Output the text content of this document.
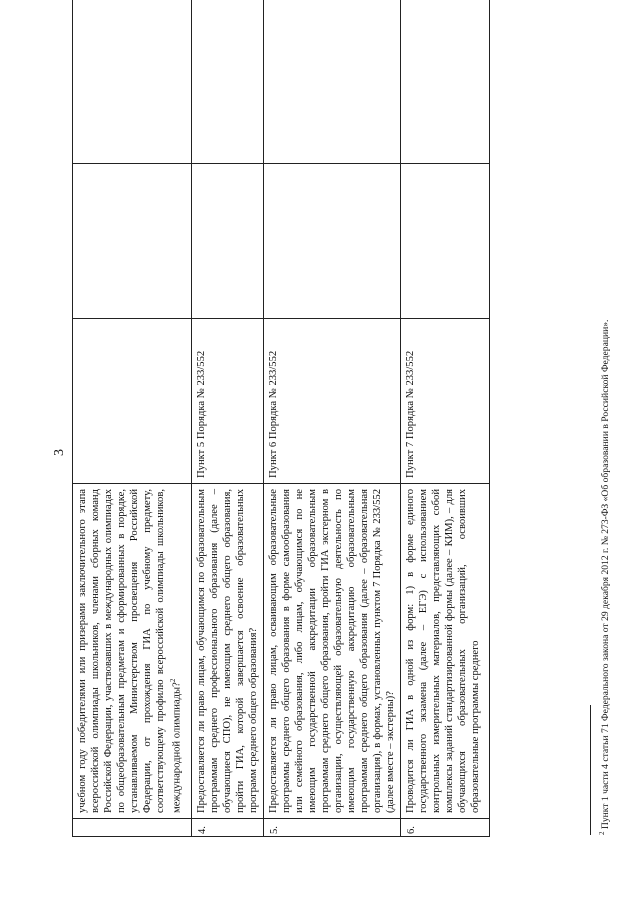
3
	учебном году победителями или призерами заключительного этапа всероссийской олимпиады школьников, членами сборных команд Российской Федерации, участвовавших в международных олимпиадах по общеобразовательным предметам и сформированных в порядке, устанавливаемом Министерством просвещения Российской Федерации, от прохождения ГИА по учебному предмету, соответствующему профилю всероссийской олимпиады школьников, международной олимпиады?$^2$			
4.	Предоставляется ли право лицам, обучающимся по образовательным программам среднего профессионального образования (далее – обучающиеся СПО), не имеющим среднего общего образования, пройти ГИА, которой завершается освоение образовательных программ среднего общего образования?	Пункт 5 Порядка № 233/552		
5.	Предоставляется ли право лицам, осваивающим образовательные программы среднего общего образования в форме самообразования или семейного образования, либо лицам, обучающимся по не имеющим государственной аккредитации образовательным программам среднего общего образования, пройти ГИА экстерном в организации, осуществляющей образовательную деятельность по имеющим государственную аккредитацию образовательным программам среднего общего образования (далее – образовательная организация), в формах, установленных пунктом 7 Порядка № 233/552 (далее вместе – экстерны)?	Пункт 6 Порядка № 233/552		
6.	Проводится ли ГИА в одной из форм: 1) в форме единого государственного экзамена (далее – ЕГЭ) с использованием контрольных измерительных материалов, представляющих собой комплексы заданий стандартизированной формы (далее – КИМ), – для обучающихся образовательных организаций, освоивших образовательные программы среднего	Пункт 7 Порядка № 233/552		
$^2$ Пункт 1 части 4 статьи 71 Федерального закона от 29 декабря 2012 г. № 273-ФЗ «Об образовании в Российской Федерации».
